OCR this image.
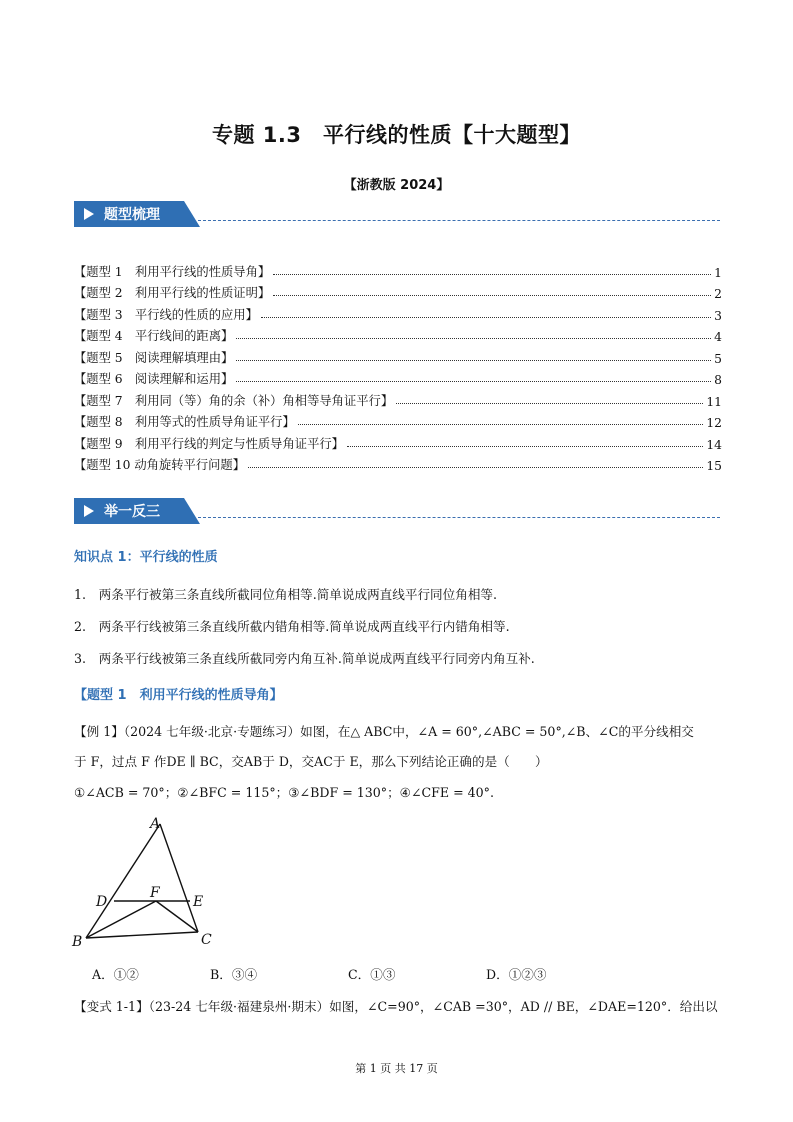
专题 1.3　平行线的性质【十大题型】
【浙教版 2024】
题型梳理
【题型 1　利用平行线的性质导角】	1
【题型 2　利用平行线的性质证明】	2
【题型 3　平行线的性质的应用】	3
【题型 4　平行线间的距离】	4
【题型 5　阅读理解填理由】	5
【题型 6　阅读理解和运用】	8
【题型 7　利用同（等）角的余（补）角相等导角证平行】	11
【题型 8　利用等式的性质导角证平行】	12
【题型 9　利用平行线的判定与性质导角证平行】	14
【题型 10 动角旋转平行问题】	15
举一反三
知识点 1：平行线的性质
1.　两条平行被第三条直线所截同位角相等.简单说成两直线平行同位角相等.
2.　两条平行线被第三条直线所截内错角相等.简单说成两直线平行内错角相等.
3.　两条平行线被第三条直线所截同旁内角互补.简单说成两直线平行同旁内角互补.
【题型 1　利用平行线的性质导角】
【例 1】（2024 七年级·北京·专题练习）如图，在△ ABC中，∠A = 60°,∠ABC = 50°,∠B、∠C的平分线相交
于 F，过点 F 作DE ∥ BC，交AB于 D，交AC于 E，那么下列结论正确的是（　　）
①∠ACB = 70°；②∠BFC = 115°；③∠BDF = 130°；④∠CFE = 40°.
A
B	C
D	E
F
A．①②	B．③④	C．①③	D．①②③
【变式 1-1】（23-24 七年级·福建泉州·期末）如图，∠C=90°，∠CAB =30°，AD // BE，∠DAE=120°．给出以
第 1 页 共 17 页
